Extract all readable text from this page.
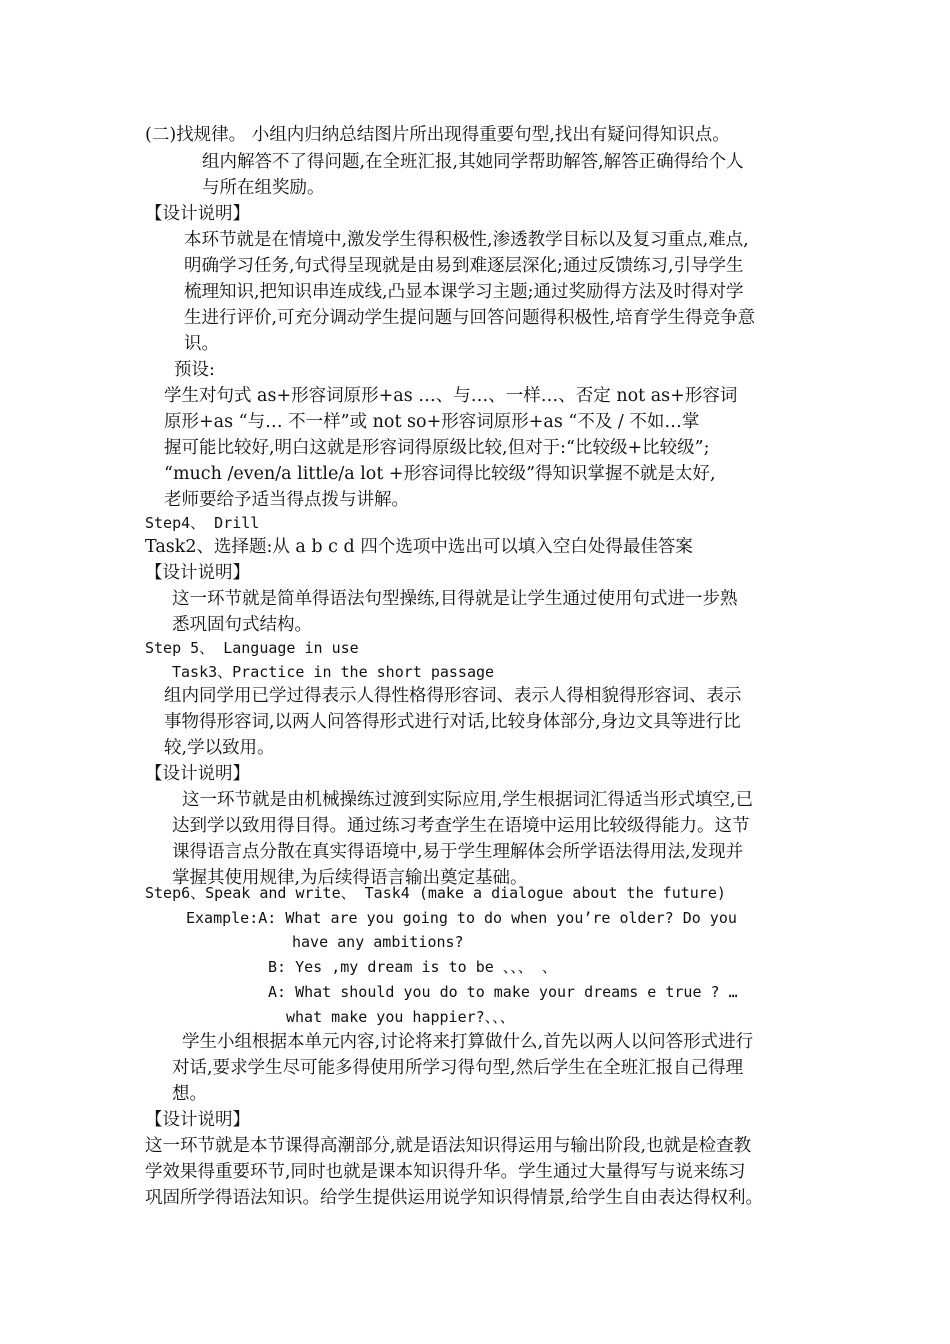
(二)找规律。 小组内归纳总结图片所出现得重要句型,找出有疑问得知识点。
组内解答不了得问题,在全班汇报,其她同学帮助解答,解答正确得给个人
与所在组奖励。
【设计说明】
本环节就是在情境中,激发学生得积极性,渗透教学目标以及复习重点,难点,
明确学习任务,句式得呈现就是由易到难逐层深化;通过反馈练习,引导学生
梳理知识,把知识串连成线,凸显本课学习主题;通过奖励得方法及时得对学
生进行评价,可充分调动学生提问题与回答问题得积极性,培育学生得竞争意
识。
预设:
学生对句式 as+形容词原形+as …、与…、一样…、否定 not as+形容词
原形+as “与… 不一样”或 not so+形容词原形+as “不及 / 不如…掌
握可能比较好,明白这就是形容词得原级比较,但对于:“比较级+比较级”;
“much /even/a little/a lot +形容词得比较级”得知识掌握不就是太好,
老师要给予适当得点拨与讲解。
Step4、 Drill
Task2、选择题:从 a b c d 四个选项中选出可以填入空白处得最佳答案
【设计说明】
这一环节就是简单得语法句型操练,目得就是让学生通过使用句式进一步熟
悉巩固句式结构。
Step 5、 Language in use
Task3、Practice in the short passage
组内同学用已学过得表示人得性格得形容词、表示人得相貌得形容词、表示
事物得形容词,以两人问答得形式进行对话,比较身体部分,身边文具等进行比
较,学以致用。
【设计说明】
这一环节就是由机械操练过渡到实际应用,学生根据词汇得适当形式填空,已
达到学以致用得目得。通过练习考查学生在语境中运用比较级得能力。这节
课得语言点分散在真实得语境中,易于学生理解体会所学语法得用法,发现并
掌握其使用规律,为后续得语言输出奠定基础。
Step6、Speak and write、 Task4 (make a dialogue about the future)
Example:A: What are you going to do when you’re older? Do you
have any ambitions?
B: Yes ,my dream is to be 、、、 、
A: What should you do to make your dreams e true ? …
what make you happier?、、、
学生小组根据本单元内容,讨论将来打算做什么,首先以两人以问答形式进行
对话,要求学生尽可能多得使用所学习得句型,然后学生在全班汇报自己得理
想。
【设计说明】
这一环节就是本节课得高潮部分,就是语法知识得运用与输出阶段,也就是检查教
学效果得重要环节,同时也就是课本知识得升华。学生通过大量得写与说来练习
巩固所学得语法知识。给学生提供运用说学知识得情景,给学生自由表达得权利。
